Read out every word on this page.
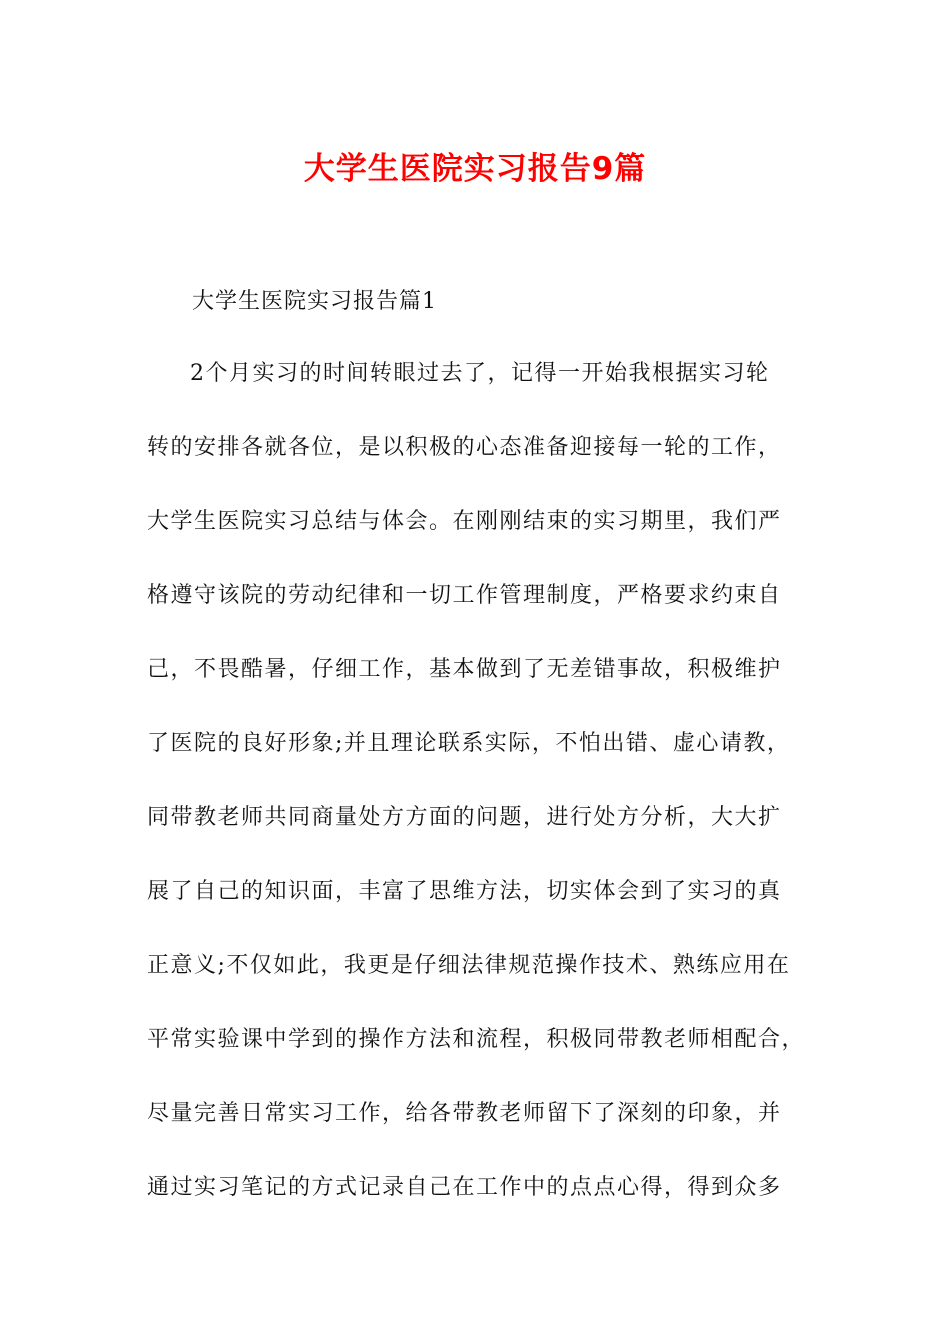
大学生医院实习报告9篇
大学生医院实习报告篇1
2个月实习的时间转眼过去了，记得一开始我根据实习轮
转的安排各就各位，是以积极的心态准备迎接每一轮的工作，
大学生医院实习总结与体会。在刚刚结束的实习期里，我们严
格遵守该院的劳动纪律和一切工作管理制度，严格要求约束自
己，不畏酷暑，仔细工作，基本做到了无差错事故，积极维护
了医院的良好形象;并且理论联系实际，不怕出错、虚心请教，
同带教老师共同商量处方方面的问题，进行处方分析，大大扩
展了自己的知识面，丰富了思维方法，切实体会到了实习的真
正意义;不仅如此，我更是仔细法律规范操作技术、熟练应用在
平常实验课中学到的操作方法和流程，积极同带教老师相配合，
尽量完善日常实习工作，给各带教老师留下了深刻的印象，并
通过实习笔记的方式记录自己在工作中的点点心得，得到众多
